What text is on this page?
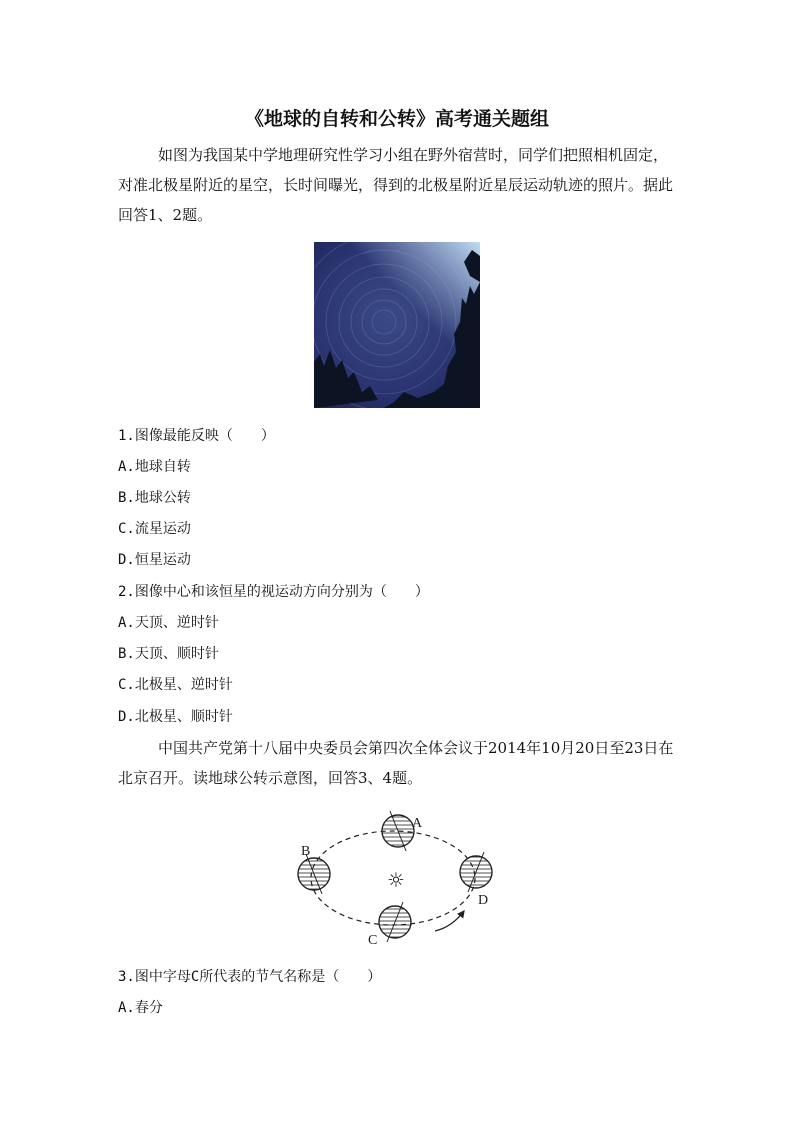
《地球的自转和公转》高考通关题组

如图为我国某中学地理研究性学习小组在野外宿营时，同学们把照相机固定，对准北极星附近的星空，长时间曝光，得到的北极星附近星辰运动轨迹的照片。据此回答1、2题。

1.图像最能反映（　　）
A.地球自转
B.地球公转
C.流星运动
D.恒星运动
2.图像中心和该恒星的视运动方向分别为（　　）
A.天顶、逆时针
B.天顶、顺时针
C.北极星、逆时针
D.北极星、顺时针

中国共产党第十八届中央委员会第四次全体会议于2014年10月20日至23日在北京召开。读地球公转示意图，回答3、4题。

☼
A
B
C
D
3.图中字母C所代表的节气名称是（　　）
A.春分
